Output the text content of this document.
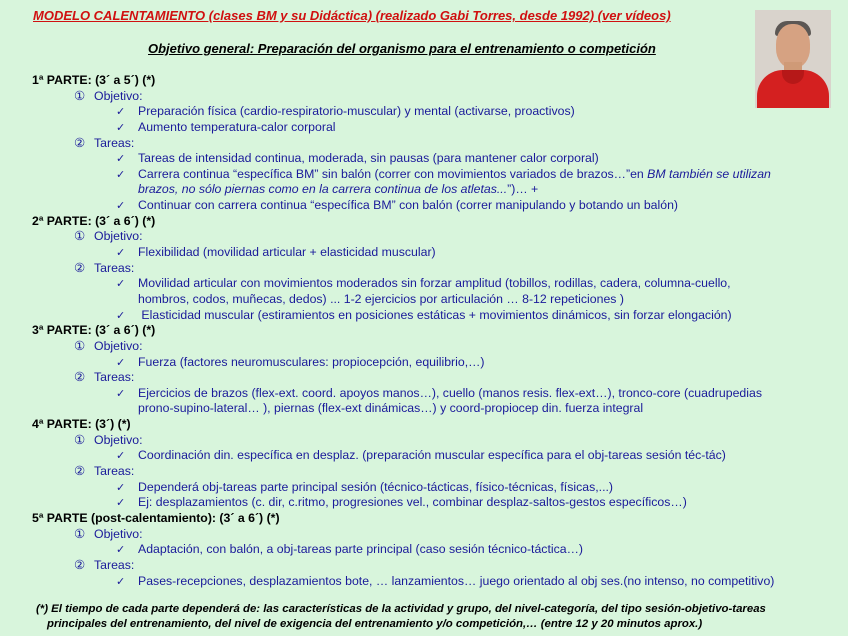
MODELO CALENTAMIENTO (clases BM y su Didáctica) (realizado Gabi Torres, desde 1992) (ver vídeos)
Objetivo general: Preparación del organismo para el entrenamiento o competición
1ª PARTE: (3´ a 5´) (*)
① Objetivo:
✓ Preparación física (cardio-respiratorio-muscular) y mental (activarse, proactivos)
✓ Aumento temperatura-calor corporal
② Tareas:
✓ Tareas de intensidad continua, moderada, sin pausas (para mantener calor corporal)
✓ Carrera continua “específica BM” sin balón (correr con movimientos variados de brazos…”en BM también se utilizan
brazos, no sólo piernas como en la carrera continua de los atletas...”)… +
✓ Continuar con carrera continua “específica BM” con balón (correr manipulando y botando un balón)
2ª PARTE: (3´ a 6´) (*)
① Objetivo:
✓ Flexibilidad (movilidad articular + elasticidad muscular)
② Tareas:
✓ Movilidad articular con movimientos moderados sin forzar amplitud (tobillos, rodillas, cadera, columna-cuello,
hombros, codos, muñecas, dedos) ... 1-2 ejercicios por articulación … 8-12 repeticiones )
✓ Elasticidad muscular (estiramientos en posiciones estáticas + movimientos dinámicos, sin forzar elongación)
3ª PARTE: (3´ a 6´) (*)
① Objetivo:
✓ Fuerza (factores neuromusculares: propiocepción, equilibrio,…)
② Tareas:
✓ Ejercicios de brazos (flex-ext. coord. apoyos manos…), cuello (manos resis. flex-ext…), tronco-core (cuadrupedias
prono-supino-lateral… ), piernas (flex-ext dinámicas…) y coord-propiocep din. fuerza integral
4ª PARTE: (3´) (*)
① Objetivo:
✓ Coordinación din. específica en desplaz. (preparación muscular específica para el obj-tareas sesión téc-tác)
② Tareas:
✓ Dependerá obj-tareas parte principal sesión (técnico-tácticas, físico-técnicas, físicas,...)
✓ Ej: desplazamientos (c. dir, c.ritmo, progresiones vel., combinar desplaz-saltos-gestos específicos…)
5ª PARTE (post-calentamiento): (3´ a 6´) (*)
① Objetivo:
✓ Adaptación, con balón, a obj-tareas parte principal (caso sesión técnico-táctica…)
② Tareas:
✓ Pases-recepciones, desplazamientos bote, … lanzamientos… juego orientado al obj ses.(no intenso, no competitivo)
(*) El tiempo de cada parte dependerá de: las características de la actividad y grupo, del nivel-categoría, del tipo sesión-objetivo-tareas
principales del entrenamiento, del nivel de exigencia del entrenamiento y/o competición,… (entre 12 y 20 minutos aprox.)
